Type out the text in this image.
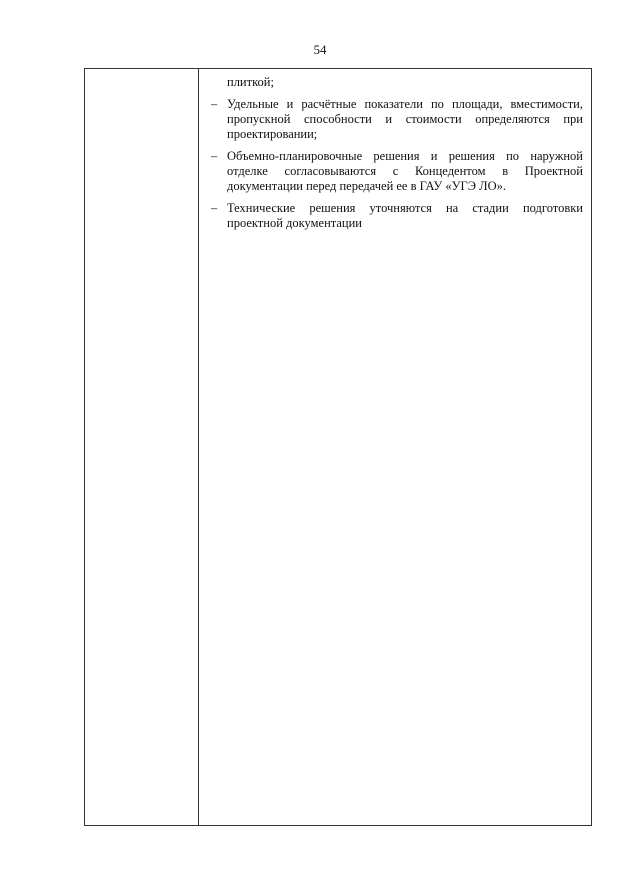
54

плиткой;

– Удельные и расчётные показатели по площади, вместимости, пропускной способности и стоимости определяются при проектировании;
– Объемно-планировочные решения и решения по наружной отделке согласовываются с Концедентом в Проектной документации перед передачей ее в ГАУ «УГЭ ЛО».
– Технические решения уточняются на стадии подготовки проектной документации
